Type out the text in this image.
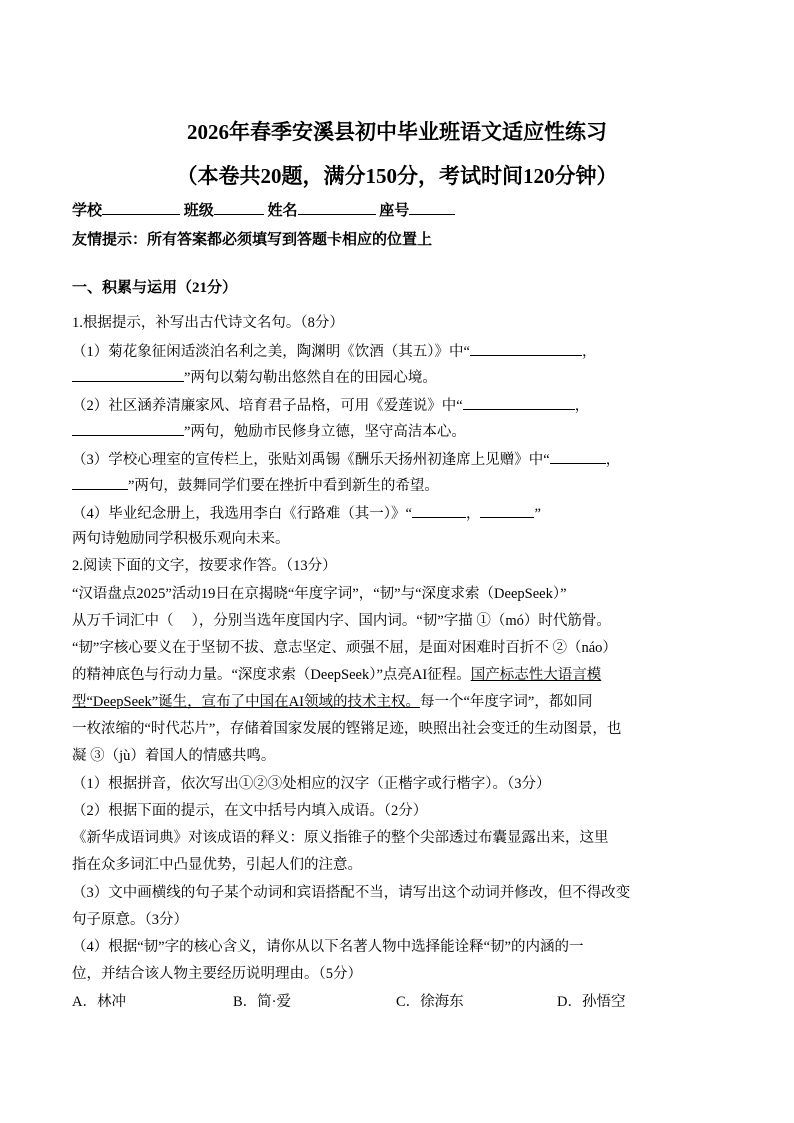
2026年春季安溪县初中毕业班语文适应性练习
（本卷共20题，满分150分，考试时间120分钟）
学校	班级	姓名	座号
友情提示：所有答案都必须填写到答题卡相应的位置上
一、积累与运用（21分）
1.根据提示，补写出古代诗文名句。（8分）
（1）菊花象征闲适淡泊名利之美，陶渊明《饮酒（其五）》中“	，
”两句以菊勾勒出悠然自在的田园心境。
（2）社区涵养清廉家风、培育君子品格，可用《爱莲说》中“	，
”两句，勉励市民修身立德，坚守高洁本心。
（3）学校心理室的宣传栏上，张贴刘禹锡《酬乐天扬州初逢席上见赠》中“	，
”两句，鼓舞同学们要在挫折中看到新生的希望。
（4）毕业纪念册上，我选用李白《行路难（其一）》“	，	”
两句诗勉励同学积极乐观向未来。
2.阅读下面的文字，按要求作答。（13分）
“汉语盘点2025”活动19日在京揭晓“年度字词”，“韧”与“深度求索（DeepSeek）”
从万千词汇中（　 ），分别当选年度国内字、国内词。“韧”字描 ①（mó）时代筋骨。
“韧”字核心要义在于坚韧不拔、意志坚定、顽强不屈，是面对困难时百折不 ②（náo）
的精神底色与行动力量。“深度求索（DeepSeek）”点亮AI征程。国产标志性大语言模
型“DeepSeek”诞生，宣布了中国在AI领域的技术主权。每一个“年度字词”，都如同
一枚浓缩的“时代芯片”，存储着国家发展的铿锵足迹，映照出社会变迁的生动图景，也
凝 ③（jù）着国人的情感共鸣。
（1）根据拼音，依次写出①②③处相应的汉字（正楷字或行楷字）。（3分）
（2）根据下面的提示，在文中括号内填入成语。（2分）
《新华成语词典》对该成语的释义：原义指锥子的整个尖部透过布囊显露出来，这里
指在众多词汇中凸显优势，引起人们的注意。
（3）文中画横线的句子某个动词和宾语搭配不当，请写出这个动词并修改，但不得改变
句子原意。（3分）
（4）根据“韧”字的核心含义，请你从以下名著人物中选择能诠释“韧”的内涵的一
位，并结合该人物主要经历说明理由。（5分）
A．林冲	B．简·爱	C．徐海东	D．孙悟空
